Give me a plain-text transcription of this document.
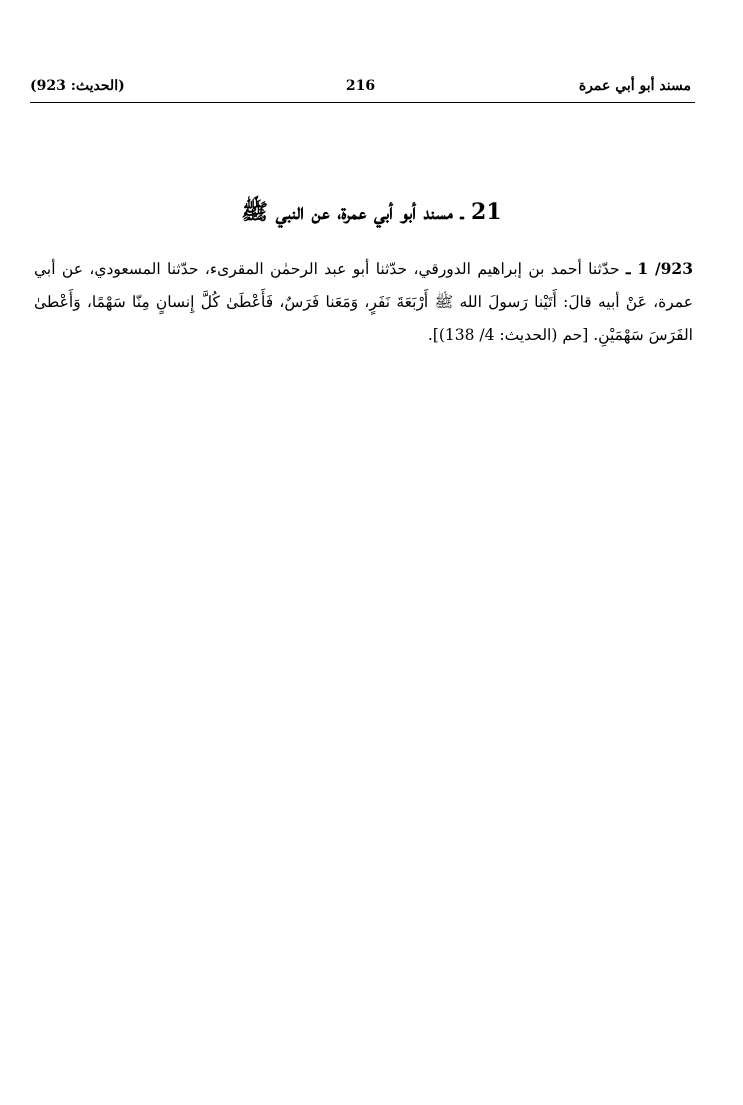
مسند أبو أبي عمرة
216
(الحديث: 923)
21 ـ مسند أبو أبي عمرة، عن النبي ﷺ
923/ 1 ـ حدّثنا أحمد بن إبراهيم الدورقي، حدّثنا أبو عبد الرحمٰن المقرىء، حدّثنا المسعودي، عن أبي عمرة، عَنْ أبيه قالَ: أَتَيْنا رَسولَ الله ﷺ أَرْبَعَةَ نَفَرٍ، وَمَعَنا فَرَسٌ، فَأَعْطَىٰ كُلَّ إِنسانٍ مِنّا سَهْمًا، وَأَعْطىٰ الفَرَسَ سَهْمَيْنِ. [حم (الحديث: 4/ 138)].
